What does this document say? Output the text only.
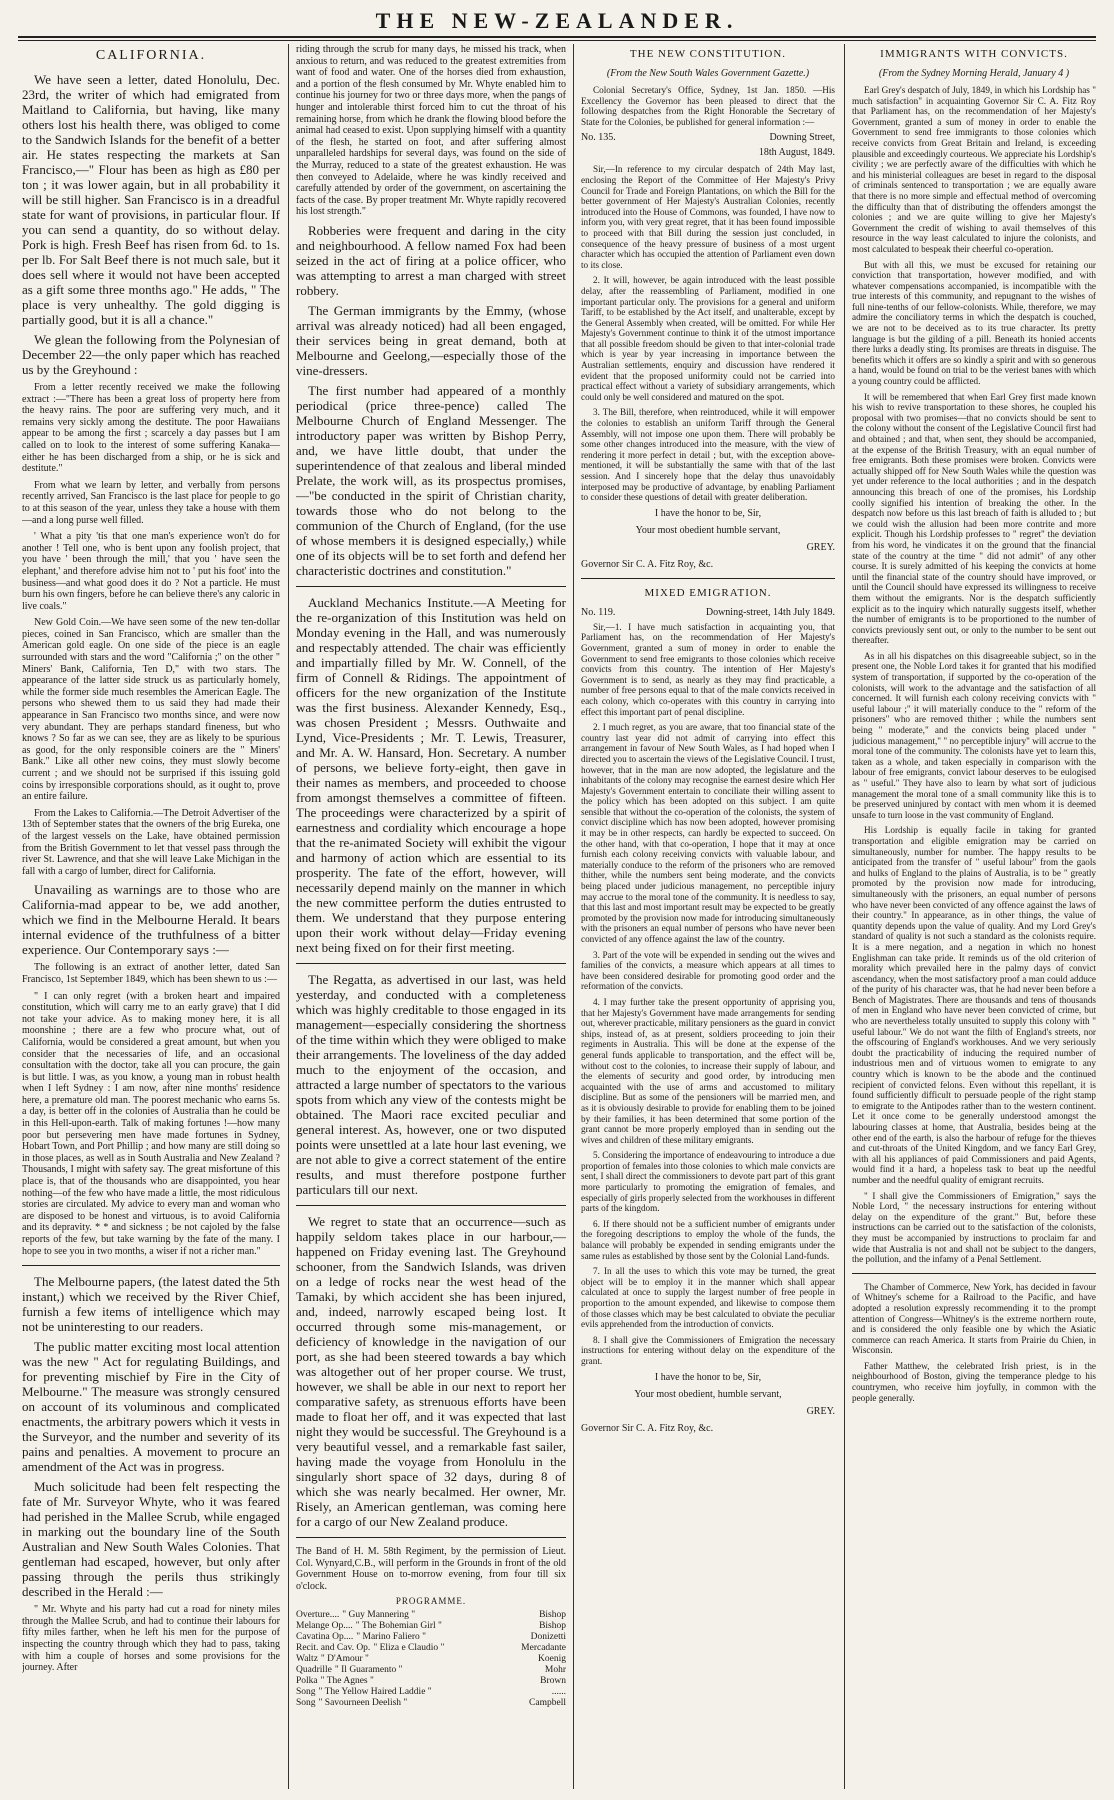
THE NEW-ZEALANDER.
CALIFORNIA.

We have seen a letter, dated Honolulu, Dec. 23rd, the writer of which had emigrated from Maitland to California, but having, like many others lost his health there, was obliged to come to the Sandwich Islands for the benefit of a better air. He states respecting the markets at San Francisco,—" Flour has been as high as £80 per ton ; it was lower again, but in all probability it will be still higher. San Francisco is in a dreadful state for want of provisions, in particular flour. If you can send a quantity, do so without delay. Pork is high. Fresh Beef has risen from 6d. to 1s. per lb. For Salt Beef there is not much sale, but it does sell where it would not have been accepted as a gift some three months ago." He adds, " The place is very unhealthy. The gold digging is partially good, but it is all a chance."

We glean the following from the Polynesian of December 22—the only paper which has reached us by the Greyhound :

From a letter recently received we make the following extract :—"There has been a great loss of property here from the heavy rains. The poor are suffering very much, and it remains very sickly among the destitute. The poor Hawaiians appear to be among the first ; scarcely a day passes but I am called on to look to the interest of some suffering Kanaka—either he has been discharged from a ship, or he is sick and destitute."

From what we learn by letter, and verbally from persons recently arrived, San Francisco is the last place for people to go to at this season of the year, unless they take a house with them—and a long purse well filled.

' What a pity 'tis that one man's experience won't do for another ! Tell one, who is bent upon any foolish project, that you have ' been through the mill,' that you ' have seen the elephant,' and therefore advise him not to ' put his foot' into the business—and what good does it do ? Not a particle. He must burn his own fingers, before he can believe there's any caloric in live coals."

New Gold Coin.—We have seen some of the new ten-dollar pieces, coined in San Francisco, which are smaller than the American gold eagle. On one side of the piece is an eagle surrounded with stars and the word "California ;" on the other " Miners' Bank, California, Ten D," with two stars. The appearance of the latter side struck us as particularly homely, while the former side much resembles the American Eagle. The persons who shewed them to us said they had made their appearance in San Francisco two months since, and were now very abundant. They are perhaps standard fineness, but who knows ? So far as we can see, they are as likely to be spurious as good, for the only responsible coiners are the " Miners' Bank." Like all other new coins, they must slowly become current ; and we should not be surprised if this issuing gold coins by irresponsible corporations should, as it ought to, prove an entire failure.

From the Lakes to California.—The Detroit Advertiser of the 13th of September states that the owners of the brig Eureka, one of the largest vessels on the Lake, have obtained permission from the British Government to let that vessel pass through the river St. Lawrence, and that she will leave Lake Michigan in the fall with a cargo of lumber, direct for California.

Unavailing as warnings are to those who are California-mad appear to be, we add another, which we find in the Melbourne Herald. It bears internal evidence of the truthfulness of a bitter experience. Our Contemporary says :—

The following is an extract of another letter, dated San Francisco, 1st September 1849, which has been shewn to us :—

" I can only regret (with a broken heart and impaired constitution, which will carry me to an early grave) that I did not take your advice. As to making money here, it is all moonshine ; there are a few who procure what, out of California, would be considered a great amount, but when you consider that the necessaries of life, and an occasional consultation with the doctor, take all you can procure, the gain is but little. I was, as you know, a young man in robust health when I left Sydney : I am now, after nine months' residence here, a premature old man. The poorest mechanic who earns 5s. a day, is better off in the colonies of Australia than he could be in this Hell-upon-earth. Talk of making fortunes !—how many poor but persevering men have made fortunes in Sydney, Hobart Town, and Port Phillip ; and how many are still doing so in those places, as well as in South Australia and New Zealand ? Thousands, I might with safety say. The great misfortune of this place is, that of the thousands who are disappointed, you hear nothing—of the few who have made a little, the most ridiculous stories are circulated. My advice to every man and woman who are disposed to be honest and virtuous, is to avoid California and its depravity. * * and sickness ; be not cajoled by the false reports of the few, but take warning by the fate of the many. I hope to see you in two months, a wiser if not a richer man."

The Melbourne papers, (the latest dated the 5th instant,) which we received by the River Chief, furnish a few items of intelligence which may not be uninteresting to our readers.

The public matter exciting most local attention was the new " Act for regulating Buildings, and for preventing mischief by Fire in the City of Melbourne." The measure was strongly censured on account of its voluminous and complicated enactments, the arbitrary powers which it vests in the Surveyor, and the number and severity of its pains and penalties. A movement to procure an amendment of the Act was in progress.

Much solicitude had been felt respecting the fate of Mr. Surveyor Whyte, who it was feared had perished in the Mallee Scrub, while engaged in marking out the boundary line of the South Australian and New South Wales Colonies. That gentleman had escaped, however, but only after passing through the perils thus strikingly described in the Herald :—

" Mr. Whyte and his party had cut a road for ninety miles through the Mallee Scrub, and had to continue their labours for fifty miles farther, when he left his men for the purpose of inspecting the country through which they had to pass, taking with him a couple of horses and some provisions for the journey. After

riding through the scrub for many days, he missed his track, when anxious to return, and was reduced to the greatest extremities from want of food and water. One of the horses died from exhaustion, and a portion of the flesh consumed by Mr. Whyte enabled him to continue his journey for two or three days more, when the pangs of hunger and intolerable thirst forced him to cut the throat of his remaining horse, from which he drank the flowing blood before the animal had ceased to exist. Upon supplying himself with a quantity of the flesh, he started on foot, and after suffering almost unparalleled hardships for several days, was found on the side of the Murray, reduced to a state of the greatest exhaustion. He was then conveyed to Adelaide, where he was kindly received and carefully attended by order of the government, on ascertaining the facts of the case. By proper treatment Mr. Whyte rapidly recovered his lost strength."

Robberies were frequent and daring in the city and neighbourhood. A fellow named Fox had been seized in the act of firing at a police officer, who was attempting to arrest a man charged with street robbery.

The German immigrants by the Emmy, (whose arrival was already noticed) had all been engaged, their services being in great demand, both at Melbourne and Geelong,—especially those of the vine-dressers.

The first number had appeared of a monthly periodical (price three-pence) called The Melbourne Church of England Messenger. The introductory paper was written by Bishop Perry, and, we have little doubt, that under the superintendence of that zealous and liberal minded Prelate, the work will, as its prospectus promises,—"be conducted in the spirit of Christian charity, towards those who do not belong to the communion of the Church of England, (for the use of whose members it is designed especially,) while one of its objects will be to set forth and defend her characteristic doctrines and constitution."

Auckland Mechanics Institute.—A Meeting for the re-organization of this Institution was held on Monday evening in the Hall, and was numerously and respectably attended. The chair was efficiently and impartially filled by Mr. W. Connell, of the firm of Connell & Ridings. The appointment of officers for the new organization of the Institute was the first business. Alexander Kennedy, Esq., was chosen President ; Messrs. Outhwaite and Lynd, Vice-Presidents ; Mr. T. Lewis, Treasurer, and Mr. A. W. Hansard, Hon. Secretary. A number of persons, we believe forty-eight, then gave in their names as members, and proceeded to choose from amongst themselves a committee of fifteen. The proceedings were characterized by a spirit of earnestness and cordiality which encourage a hope that the re-animated Society will exhibit the vigour and harmony of action which are essential to its prosperity. The fate of the effort, however, will necessarily depend mainly on the manner in which the new committee perform the duties entrusted to them. We understand that they purpose entering upon their work without delay—Friday evening next being fixed on for their first meeting.

The Regatta, as advertised in our last, was held yesterday, and conducted with a completeness which was highly creditable to those engaged in its management—especially considering the shortness of the time within which they were obliged to make their arrangements. The loveliness of the day added much to the enjoyment of the occasion, and attracted a large number of spectators to the various spots from which any view of the contests might be obtained. The Maori race excited peculiar and general interest. As, however, one or two disputed points were unsettled at a late hour last evening, we are not able to give a correct statement of the entire results, and must therefore postpone further particulars till our next.

We regret to state that an occurrence—such as happily seldom takes place in our harbour,—happened on Friday evening last. The Greyhound schooner, from the Sandwich Islands, was driven on a ledge of rocks near the west head of the Tamaki, by which accident she has been injured, and, indeed, narrowly escaped being lost. It occurred through some mis-management, or deficiency of knowledge in the navigation of our port, as she had been steered towards a bay which was altogether out of her proper course. We trust, however, we shall be able in our next to report her comparative safety, as strenuous efforts have been made to float her off, and it was expected that last night they would be successful. The Greyhound is a very beautiful vessel, and a remarkable fast sailer, having made the voyage from Honolulu in the singularly short space of 32 days, during 8 of which she was nearly becalmed. Her owner, Mr. Risely, an American gentleman, was coming here for a cargo of our New Zealand produce.

The Band of H. M. 58th Regiment, by the permission of Lieut. Col. Wynyard,C.B., will perform in the Grounds in front of the old Government House on to-morrow evening, from four till six o'clock.

PROGRAMME.
Overture.... " Guy Mannering "	Bishop
Melange Op.... " The Bohemian Girl "	Bishop
Cavatina Op.... " Marino Faliero "	Donizetti
Recit. and Cav. Op. " Eliza e Claudio "	Mercadante
Waltz " D'Amour "	Koenig
Quadrille " Il Guaramento "	Mohr
Polka " The Agnes "	Brown
Song " The Yellow Haired Laddie "	......
Song " Savourneen Deelish "	Campbell
THE NEW CONSTITUTION.
(From the New South Wales Government Gazette.)

Colonial Secretary's Office, Sydney, 1st Jan. 1850. —His Excellency the Governor has been pleased to direct that the following despatches from the Right Honorable the Secretary of State for the Colonies, be published for general information :—

No. 135.	Downing Street,
18th August, 1849.

Sir,—In reference to my circular despatch of 24th May last, enclosing the Report of the Committee of Her Majesty's Privy Council for Trade and Foreign Plantations, on which the Bill for the better government of Her Majesty's Australian Colonies, recently introduced into the House of Commons, was founded, I have now to inform you, with very great regret, that it has been found impossible to proceed with that Bill during the session just concluded, in consequence of the heavy pressure of business of a most urgent character which has occupied the attention of Parliament even down to its close.

2. It will, however, be again introduced with the least possible delay, after the reassembling of Parliament, modified in one important particular only. The provisions for a general and uniform Tariff, to be established by the Act itself, and unalterable, except by the General Assembly when created, will be omitted. For while Her Majesty's Government continue to think it of the utmost importance that all possible freedom should be given to that inter-colonial trade which is year by year increasing in importance between the Australian settlements, enquiry and discussion have rendered it evident that the proposed uniformity could not be carried into practical effect without a variety of subsidiary arrangements, which could only be well considered and matured on the spot.

3. The Bill, therefore, when reintroduced, while it will empower the colonies to establish an uniform Tariff through the General Assembly, will not impose one upon them. There will probably be some other changes introduced into the measure, with the view of rendering it more perfect in detail ; but, with the exception above-mentioned, it will be substantially the same with that of the last session. And I sincerely hope that the delay thus unavoidably interposed may be productive of advantage, by enabling Parliament to consider these questions of detail with greater deliberation.

I have the honor to be, Sir,
Your most obedient humble servant,
GREY.
Governor Sir C. A. Fitz Roy, &c.
MIXED EMIGRATION.
No. 119.	Downing-street, 14th July 1849.

Sir,—1. I have much satisfaction in acquainting you, that Parliament has, on the recommendation of Her Majesty's Government, granted a sum of money in order to enable the Government to send free emigrants to those colonies which receive convicts from this country. The intention of Her Majesty's Government is to send, as nearly as they may find practicable, a number of free persons equal to that of the male convicts received in each colony, which co-operates with this country in carrying into effect this important part of penal discipline.

2. I much regret, as you are aware, that too financial state of the country last year did not admit of carrying into effect this arrangement in favour of New South Wales, as I had hoped when I directed you to ascertain the views of the Legislative Council. I trust, however, that in the man are now adopted, the legislature and the inhabitants of the colony may recognise the earnest desire which Her Majesty's Government entertain to conciliate their willing assent to the policy which has been adopted on this subject. I am quite sensible that without the co-operation of the colonists, the system of convict discipline which has now been adopted, however promising it may be in other respects, can hardly be expected to succeed. On the other hand, with that co-operation, I hope that it may at once furnish each colony receiving convicts with valuable labour, and materially conduce to the reform of the prisoners who are removed thither, while the numbers sent being moderate, and the convicts being placed under judicious management, no perceptible injury may accrue to the moral tone of the community. It is needless to say, that this last and most important result may be expected to be greatly promoted by the provision now made for introducing simultaneously with the prisoners an equal number of persons who have never been convicted of any offence against the law of the country.

3. Part of the vote will be expended in sending out the wives and families of the convicts, a measure which appears at all times to have been considered desirable for promoting good order and the reformation of the convicts.

4. I may further take the present opportunity of apprising you, that her Majesty's Government have made arrangements for sending out, wherever practicable, military pensioners as the guard in convict ships, instead of, as at present, soldiers proceeding to join their regiments in Australia. This will be done at the expense of the general funds applicable to transportation, and the effect will be, without cost to the colonies, to increase their supply of labour, and the elements of security and good order, by introducing men acquainted with the use of arms and accustomed to military discipline. But as some of the pensioners will be married men, and as it is obviously desirable to provide for enabling them to be joined by their families, it has been determined that some portion of the grant cannot be more properly employed than in sending out the wives and children of these military emigrants.

5. Considering the importance of endeavouring to introduce a due proportion of females into those colonies to which male convicts are sent, I shall direct the commissioners to devote part part of this grant more particularly to promoting the emigration of females, and especially of girls properly selected from the workhouses in different parts of the kingdom.

6. If there should not be a sufficient number of emigrants under the foregoing descriptions to employ the whole of the funds, the balance will probably be expended in sending emigrants under the same rules as established by those sent by the Colonial Land-funds.

7. In all the uses to which this vote may be turned, the great object will be to employ it in the manner which shall appear calculated at once to supply the largest number of free people in proportion to the amount expended, and likewise to compose them of those classes which may be best calculated to obviate the peculiar evils apprehended from the introduction of convicts.

8. I shall give the Commissioners of Emigration the necessary instructions for entering without delay on the expenditure of the grant.

I have the honor to be, Sir,
Your most obedient, humble servant,
GREY.
Governor Sir C. A. Fitz Roy, &c.
IMMIGRANTS WITH CONVICTS.
(From the Sydney Morning Herald, January 4 )

Earl Grey's despatch of July, 1849, in which his Lordship has " much satisfaction" in acquainting Governor Sir C. A. Fitz Roy that Parliament has, on the recommendation of her Majesty's Government, granted a sum of money in order to enable the Government to send free immigrants to those colonies which receive convicts from Great Britain and Ireland, is exceeding plausible and exceedingly courteous. We appreciate his Lordship's civility ; we are perfectly aware of the difficulties with which he and his ministerial colleagues are beset in regard to the disposal of criminals sentenced to transportation ; we are equally aware that there is no more simple and effectual method of overcoming the difficulty than that of distributing the offenders amongst the colonies ; and we are quite willing to give her Majesty's Government the credit of wishing to avail themselves of this resource in the way least calculated to injure the colonists, and most calculated to bespeak their cheerful co-operation.

But with all this, we must be excused for retaining our conviction that transportation, however modified, and with whatever compensations accompanied, is incompatible with the true interests of this community, and repugnant to the wishes of full nine-tenths of our fellow-colonists. While, therefore, we may admire the conciliatory terms in which the despatch is couched, we are not to be deceived as to its true character. Its pretty language is but the gilding of a pill. Beneath its honied accents there lurks a deadly sting. Its promises are threats in disguise. The benefits which it offers are so kindly a spirit and with so generous a hand, would be found on trial to be the veriest banes with which a young country could be afflicted.

It will be remembered that when Earl Grey first made known his wish to revive transportation to these shores, he coupled his proposal with two promises—that no convicts should be sent to the colony without the consent of the Legislative Council first had and obtained ; and that, when sent, they should be accompanied, at the expense of the British Treasury, with an equal number of free emigrants. Both these promises were broken. Convicts were actually shipped off for New South Wales while the question was yet under reference to the local authorities ; and in the despatch announcing this breach of one of the promises, his Lordship coolly signified his intention of breaking the other. In the despatch now before us this last breach of faith is alluded to ; but we could wish the allusion had been more contrite and more explicit. Though his Lordship professes to " regret" the deviation from his word, he vindicates it on the ground that the financial state of the country at the time " did not admit" of any other course. It is surely admitted of his keeping the convicts at home until the financial state of the country should have improved, or until the Council should have expressed its willingness to receive them without the emigrants. Nor is the despatch sufficiently explicit as to the inquiry which naturally suggests itself, whether the number of emigrants is to be proportioned to the number of convicts previously sent out, or only to the number to be sent out thereafter.

As in all his dispatches on this disagreeable subject, so in the present one, the Noble Lord takes it for granted that his modified system of transportation, if supported by the co-operation of the colonists, will work to the advantage and the satisfaction of all concerned. It will furnish each colony receiving convicts with " useful labour ;" it will materially conduce to the " reform of the prisoners" who are removed thither ; while the numbers sent being " moderate," and the convicts being placed under " judicious management," " no perceptible injury" will accrue to the moral tone of the community. The colonists have yet to learn this, taken as a whole, and taken especially in comparison with the labour of free emigrants, convict labour deserves to be eulogised as " useful." They have also to learn by what sort of judicious management the moral tone of a small community like this is to be preserved uninjured by contact with men whom it is deemed unsafe to turn loose in the vast community of England.

His Lordship is equally facile in taking for granted transportation and eligible emigration may be carried on simultaneously, number for number. The happy results to be anticipated from the transfer of " useful labour" from the gaols and hulks of England to the plains of Australia, is to be " greatly promoted by the provision now made for introducing, simultaneously with the prisoners, an equal number of persons who have never been convicted of any offence against the laws of their country." In appearance, as in other things, the value of quantity depends upon the value of quality. And my Lord Grey's standard of quality is not such a standard as the colonists require. It is a mere negation, and a negation in which no honest Englishman can take pride. It reminds us of the old criterion of morality which prevailed here in the palmy days of convict ascendancy, when the most satisfactory proof a man could adduce of the purity of his character was, that he had never been before a Bench of Magistrates. There are thousands and tens of thousands of men in England who have never been convicted of crime, but who are nevertheless totally unsuited to supply this colony with " useful labour." We do not want the filth of England's streets, nor the offscouring of England's workhouses. And we very seriously doubt the practicability of inducing the required number of industrious men and of virtuous women to emigrate to any country which is known to be the abode and the continued recipient of convicted felons. Even without this repellant, it is found sufficiently difficult to persuade people of the right stamp to emigrate to the Antipodes rather than to the western continent. Let it once come to be generally understood amongst the labouring classes at home, that Australia, besides being at the other end of the earth, is also the harbour of refuge for the thieves and cut-throats of the United Kingdom, and we fancy Earl Grey, with all his appliances of paid Commissioners and paid Agents, would find it a hard, a hopeless task to beat up the needful number and the needful quality of emigrant recruits.

" I shall give the Commissioners of Emigration," says the Noble Lord, " the necessary instructions for entering without delay on the expenditure of the grant." But, before these instructions can be carried out to the satisfaction of the colonists, they must be accompanied by instructions to proclaim far and wide that Australia is not and shall not be subject to the dangers, the pollution, and the infamy of a Penal Settlement.

The Chamber of Commerce, New York, has decided in favour of Whitney's scheme for a Railroad to the Pacific, and have adopted a resolution expressly recommending it to the prompt attention of Congress—Whitney's is the extreme northern route, and is considered the only feasible one by which the Asiatic commerce can reach America. It starts from Prairie du Chien, in Wisconsin.

Father Matthew, the celebrated Irish priest, is in the neighbourhood of Boston, giving the temperance pledge to his countrymen, who receive him joyfully, in common with the people generally.
